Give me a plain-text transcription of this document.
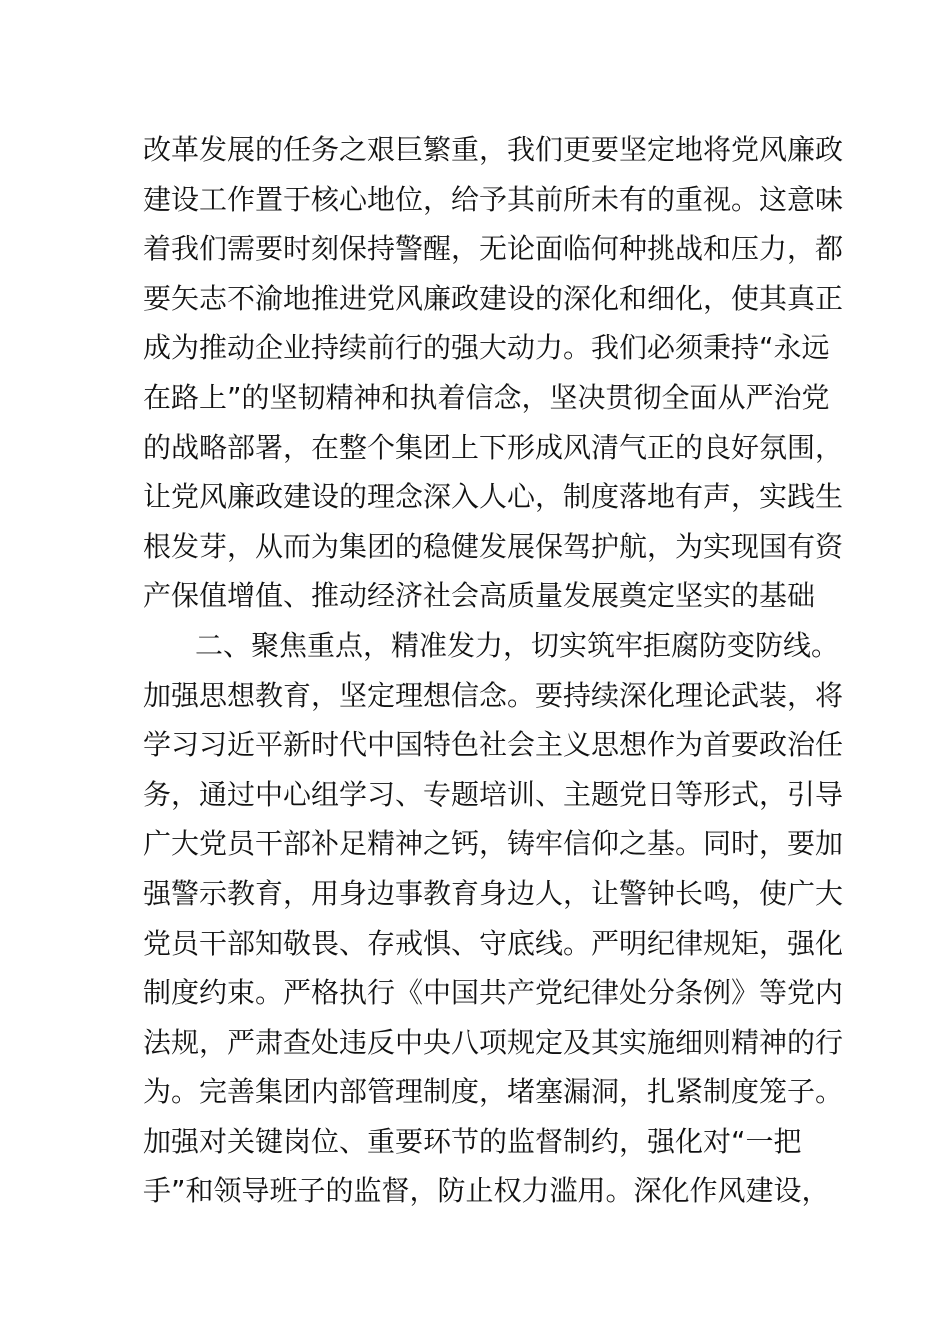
改革发展的任务之艰巨繁重，我们更要坚定地将党风廉政
建设工作置于核心地位，给予其前所未有的重视。这意味
着我们需要时刻保持警醒，无论面临何种挑战和压力，都
要矢志不渝地推进党风廉政建设的深化和细化，使其真正
成为推动企业持续前行的强大动力。我们必须秉持“永远
在路上”的坚韧精神和执着信念，坚决贯彻全面从严治党
的战略部署，在整个集团上下形成风清气正的良好氛围，
让党风廉政建设的理念深入人心，制度落地有声，实践生
根发芽，从而为集团的稳健发展保驾护航，为实现国有资
产保值增值、推动经济社会高质量发展奠定坚实的基础
二、聚焦重点，精准发力，切实筑牢拒腐防变防线。
加强思想教育，坚定理想信念。要持续深化理论武装，将
学习习近平新时代中国特色社会主义思想作为首要政治任
务，通过中心组学习、专题培训、主题党日等形式，引导
广大党员干部补足精神之钙，铸牢信仰之基。同时，要加
强警示教育，用身边事教育身边人，让警钟长鸣，使广大
党员干部知敬畏、存戒惧、守底线。严明纪律规矩，强化
制度约束。严格执行《中国共产党纪律处分条例》等党内
法规，严肃查处违反中央八项规定及其实施细则精神的行
为。完善集团内部管理制度，堵塞漏洞，扎紧制度笼子。
加强对关键岗位、重要环节的监督制约，强化对“一把
手”和领导班子的监督，防止权力滥用。深化作风建设，
